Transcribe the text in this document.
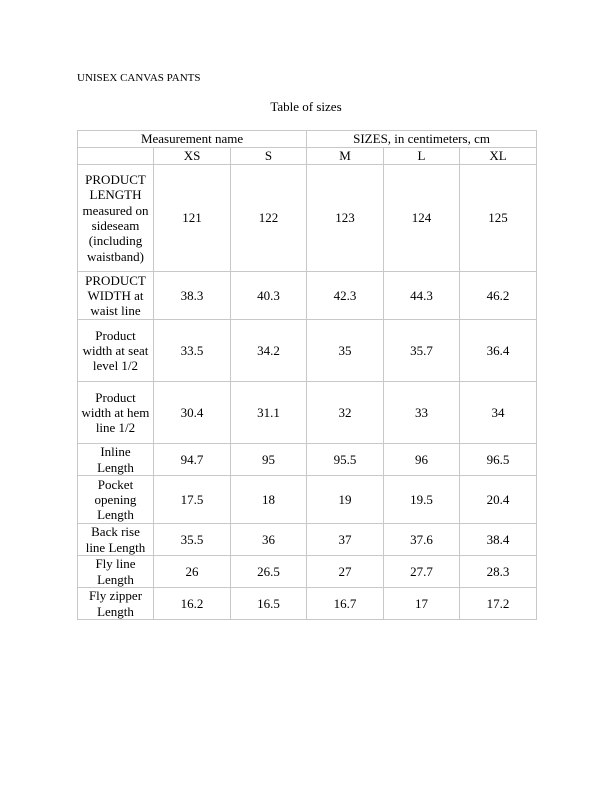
UNISEX CANVAS PANTS
Table of sizes
Measurement name			SIZES, in centimeters, cm		
	XS	S	M	L	XL
PRODUCT LENGTH measured on sideseam (including waistband)	121	122	123	124	125
PRODUCT WIDTH at waist line	38.3	40.3	42.3	44.3	46.2
Product width at seat level 1/2	33.5	34.2	35	35.7	36.4
Product width at hem line 1/2	30.4	31.1	32	33	34
Inline Length	94.7	95	95.5	96	96.5
Pocket opening Length	17.5	18	19	19.5	20.4
Back rise line Length	35.5	36	37	37.6	38.4
Fly line Length	26	26.5	27	27.7	28.3
Fly zipper Length	16.2	16.5	16.7	17	17.2
